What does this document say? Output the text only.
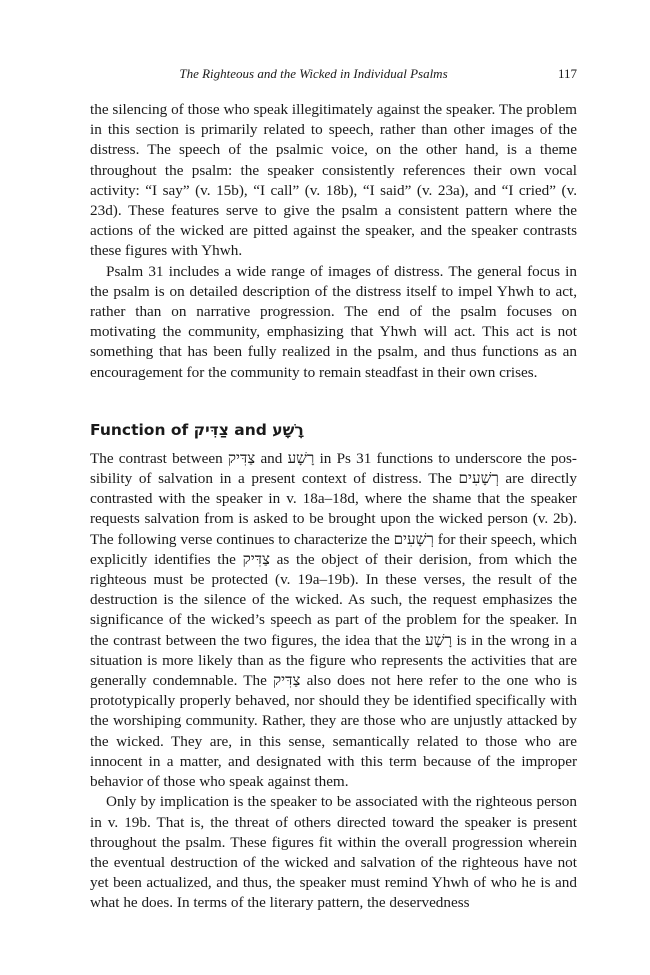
The Righteous and the Wicked in Individual Psalms	117

the silencing of those who speak illegitimately against the speaker. The problem in this section is primarily related to speech, rather than other images of the distress. The speech of the psalmic voice, on the other hand, is a theme throughout the psalm: the speaker consistently references their own vocal activity: “I say” (v. 15b), “I call” (v. 18b), “I said” (v. 23a), and “I cried” (v. 23d). These features serve to give the psalm a consistent pattern where the actions of the wicked are pitted against the speaker, and the speaker contrasts these figures with Yhwh.

Psalm 31 includes a wide range of images of distress. The general focus in the psalm is on detailed description of the distress itself to impel Yhwh to act, rather than on narrative progression. The end of the psalm focuses on motivating the community, emphasizing that Yhwh will act. This act is not something that has been fully realized in the psalm, and thus functions as an encouragement for the community to remain steadfast in their own crises.

Function of צַדִּיק and רָשָׁע

The contrast between צַדִּיק and רָשָׁע in Ps 31 functions to underscore the possibility of salvation in a present context of distress. The רְשָׁעִים are directly contrasted with the speaker in v. 18a–18d, where the shame that the speaker requests salvation from is asked to be brought upon the wicked person (v. 2b). The following verse continues to characterize the רְשָׁעִים for their speech, which explicitly identifies the צַדִּיק as the object of their derision, from which the righteous must be protected (v. 19a–19b). In these verses, the result of the destruction is the silence of the wicked. As such, the request emphasizes the significance of the wicked’s speech as part of the problem for the speaker. In the contrast between the two figures, the idea that the רָשָׁע is in the wrong in a situation is more likely than as the figure who represents the activities that are generally condemnable. The צַדִּיק also does not here refer to the one who is prototypically properly behaved, nor should they be identified specifically with the worshiping community. Rather, they are those who are unjustly attacked by the wicked. They are, in this sense, semantically related to those who are innocent in a matter, and designated with this term because of the improper behavior of those who speak against them.

Only by implication is the speaker to be associated with the righteous person in v. 19b. That is, the threat of others directed toward the speaker is present throughout the psalm. These figures fit within the overall progression wherein the eventual destruction of the wicked and salvation of the righteous have not yet been actualized, and thus, the speaker must remind Yhwh of who he is and what he does. In terms of the literary pattern, the deservedness
